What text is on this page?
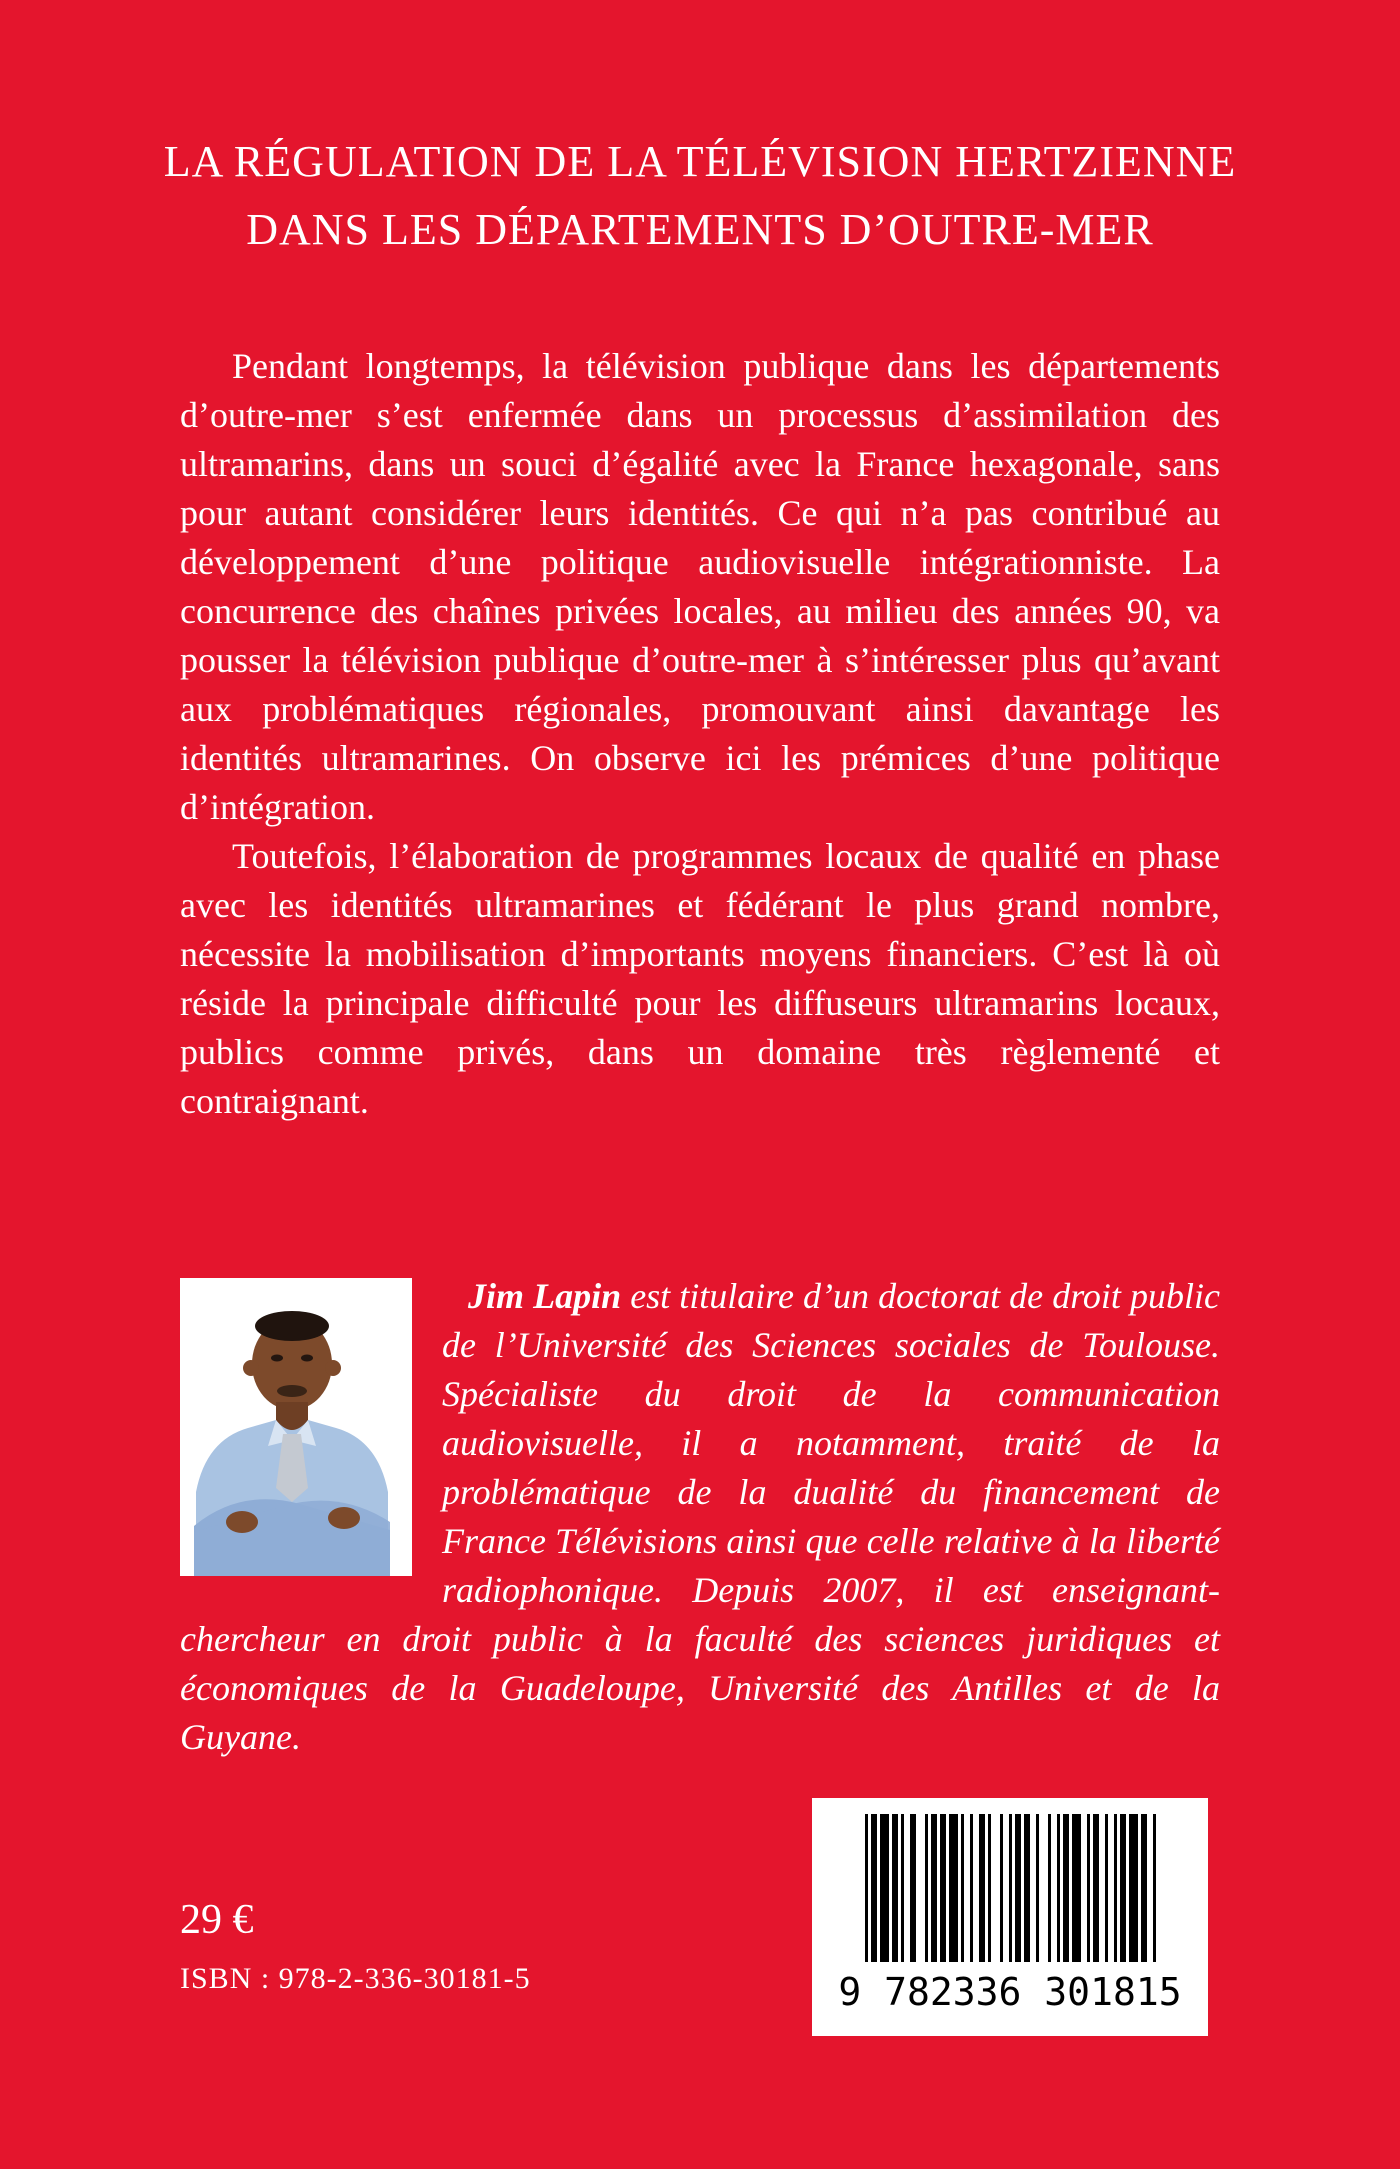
LA RÉGULATION DE LA TÉLÉVISION HERTZIENNE
DANS LES DÉPARTEMENTS D’OUTRE-MER

Pendant longtemps, la télévision publique dans les départements d’outre-mer s’est enfermée dans un processus d’assimilation des ultramarins, dans un souci d’égalité avec la France hexagonale, sans pour autant considérer leurs identités. Ce qui n’a pas contribué au développement d’une politique audiovisuelle intégrationniste. La concurrence des chaînes privées locales, au milieu des années 90, va pousser la télévision publique d’outre-mer à s’intéresser plus qu’avant aux problématiques régionales, promouvant ainsi davantage les identités ultramarines. On observe ici les prémices d’une politique d’intégration.

Toutefois, l’élaboration de programmes locaux de qualité en phase avec les identités ultramarines et fédérant le plus grand nombre, nécessite la mobilisation d’importants moyens financiers. C’est là où réside la principale difficulté pour les diffuseurs ultramarins locaux, publics comme privés, dans un domaine très règlementé et contraignant.

Jim Lapin est titulaire d’un doctorat de droit public de l’Université des Sciences sociales de Toulouse. Spécialiste du droit de la communication audiovisuelle, il a notamment, traité de la problématique de la dualité du financement de France Télévisions ainsi que celle relative à la liberté radiophonique. Depuis 2007, il est enseignant-chercheur en droit public à la faculté des sciences juridiques et économiques de la Guadeloupe, Université des Antilles et de la Guyane.
29 €
ISBN : 978-2-336-30181-5	9 782336 301815
